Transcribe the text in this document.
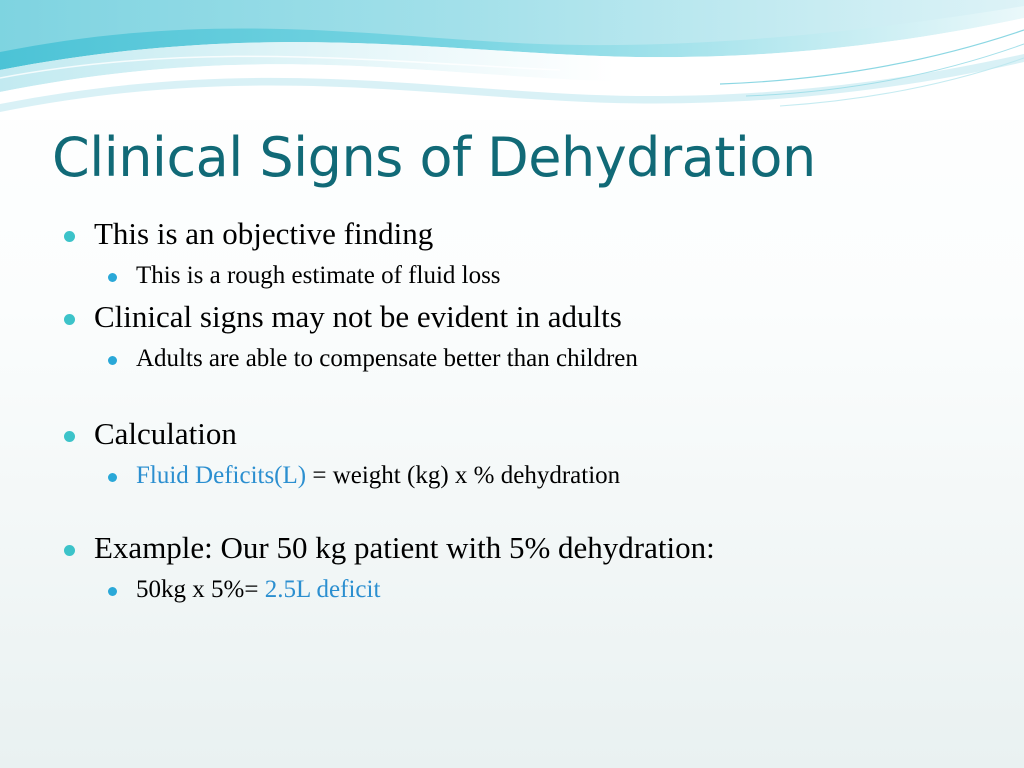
Clinical Signs of Dehydration
This is an objective finding
This is a rough estimate of fluid loss
Clinical signs may not be evident in adults
Adults are able to compensate better than children
Calculation
Fluid Deficits(L) = weight (kg) x % dehydration
Example: Our 50 kg patient with 5% dehydration:
50kg x 5%= 2.5L deficit
